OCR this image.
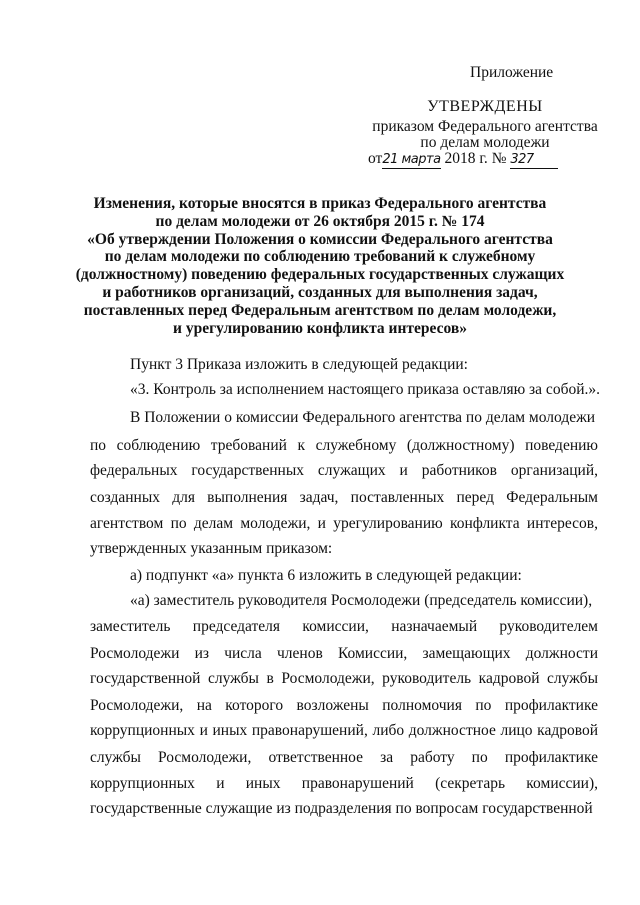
Приложение
УТВЕРЖДЕНЫ
приказом Федерального агентства
по делам молодежи
от21 марта 2018 г. № 327
Изменения, которые вносятся в приказ Федерального агентства
по делам молодежи от 26 октября 2015 г. № 174
«Об утверждении Положения о комиссии Федерального агентства
по делам молодежи по соблюдению требований к служебному
(должностному) поведению федеральных государственных служащих
и работников организаций, созданных для выполнения задач,
поставленных перед Федеральным агентством по делам молодежи,
и урегулированию конфликта интересов»
Пункт 3 Приказа изложить в следующей редакции:
«3. Контроль за исполнением настоящего приказа оставляю за собой.».
В Положении о комиссии Федерального агентства по делам молодежи
по соблюдению требований к служебному (должностному) поведению
федеральных государственных служащих и работников организаций,
созданных для выполнения задач, поставленных перед Федеральным
агентством по делам молодежи, и урегулированию конфликта интересов,
утвержденных указанным приказом:
а) подпункт «а» пункта 6 изложить в следующей редакции:
«а) заместитель руководителя Росмолодежи (председатель комиссии),
заместитель председателя комиссии, назначаемый руководителем
Росмолодежи из числа членов Комиссии, замещающих должности
государственной службы в Росмолодежи, руководитель кадровой службы
Росмолодежи, на которого возложены полномочия по профилактике
коррупционных и иных правонарушений, либо должностное лицо кадровой
службы Росмолодежи, ответственное за работу по профилактике
коррупционных и иных правонарушений (секретарь комиссии),
государственные служащие из подразделения по вопросам государственной
